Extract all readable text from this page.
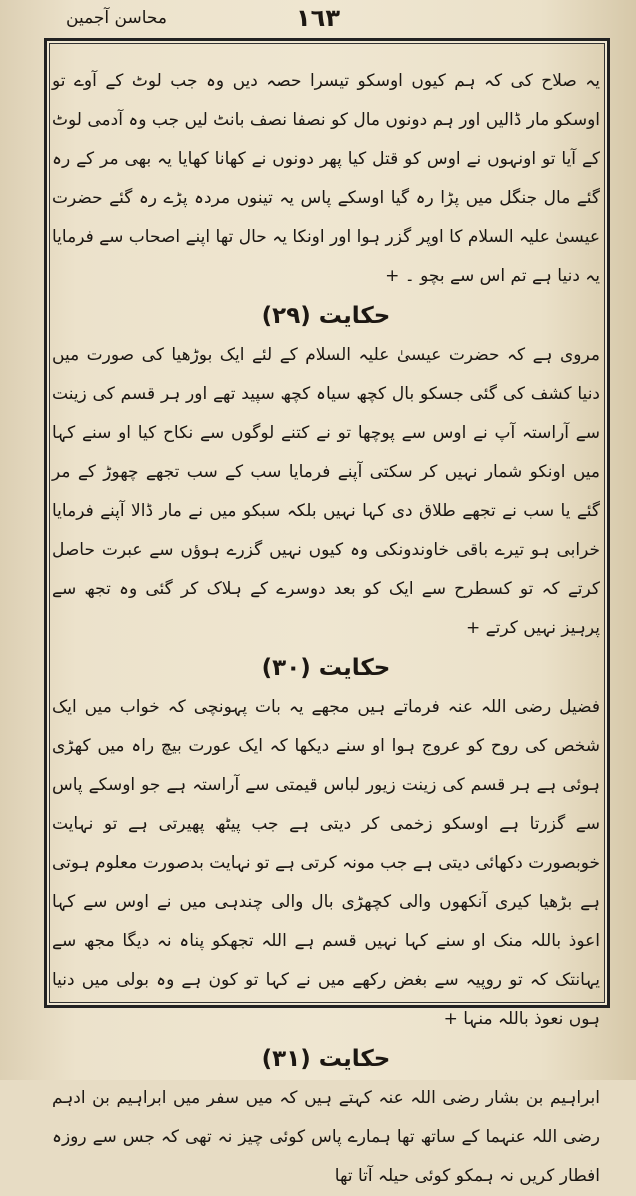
١٦٣
محاسن آجمین

یہ صلاح کی کہ ہم کیوں اوسکو تیسرا حصہ دیں وہ جب لوٹ کے آوے تو اوسکو مار ڈالیں اور ہم دونوں مال کو نصفا نصف بانٹ لیں جب وہ آدمی لوٹ کے آیا تو اونہوں نے اوس کو قتل کیا پھر دونوں نے کھانا کھایا یہ بھی مر کے رہ گئے مال جنگل میں پڑا رہ گیا اوسکے پاس یہ تینوں مردہ پڑے رہ گئے حضرت عیسیٰ علیہ السلام کا اوپر گزر ہوا اور اونکا یہ حال تھا اپنے اصحاب سے فرمایا یہ دنیا ہے تم اس سے بچو ۔ +

حکایت (۲۹)

مروی ہے کہ حضرت عیسیٰ علیہ السلام کے لئے ایک بوڑھیا کی صورت میں دنیا کشف کی گئی جسکو بال کچھ سیاہ کچھ سپید تھے اور ہر قسم کی زینت سے آراستہ آپ نے اوس سے پوچھا تو نے کتنے لوگوں سے نکاح کیا او سنے کہا میں اونکو شمار نہیں کر سکتی آپنے فرمایا سب کے سب تجھے چھوڑ کے مر گئے یا سب نے تجھے طلاق دی کہا نہیں بلکہ سبکو میں نے مار ڈالا آپنے فرمایا خرابی ہو تیرے باقی خاوندونکی وہ کیوں نہیں گزرے ہوؤں سے عبرت حاصل کرتے کہ تو کسطرح سے ایک کو بعد دوسرے کے ہلاک کر گئی وہ تجھ سے پرہیز نہیں کرتے +

حکایت (۳۰)

فضیل رضی اللہ عنہ فرماتے ہیں مجھے یہ بات پہونچی کہ خواب میں ایک شخص کی روح کو عروج ہوا او سنے دیکھا کہ ایک عورت بیچ راہ میں کھڑی ہوئی ہے ہر قسم کی زینت زیور لباس قیمتی سے آراستہ ہے جو اوسکے پاس سے گزرتا ہے اوسکو زخمی کر دیتی ہے جب پیٹھ پھیرتی ہے تو نہایت خوبصورت دکھائی دیتی ہے جب مونہ کرتی ہے تو نہایت بدصورت معلوم ہوتی ہے بڑھیا کیری آنکھوں والی کچھڑی بال والی چندہی میں نے اوس سے کہا اعوذ باللہ منک او سنے کہا نہیں قسم ہے اللہ تجھکو پناہ نہ دیگا مجھ سے یہانتک کہ تو روپیہ سے بغض رکھے میں نے کہا تو کون ہے وہ بولی میں دنیا ہوں نعوذ باللہ منہا +

حکایت (۳۱)

ابراہیم بن بشار رضی اللہ عنہ کہتے ہیں کہ میں سفر میں ابراہیم بن ادہم رضی اللہ عنہما کے ساتھ تھا ہمارے پاس کوئی چیز نہ تھی کہ جس سے روزہ افطار کریں نہ ہمکو کوئی حیلہ آتا تھا
